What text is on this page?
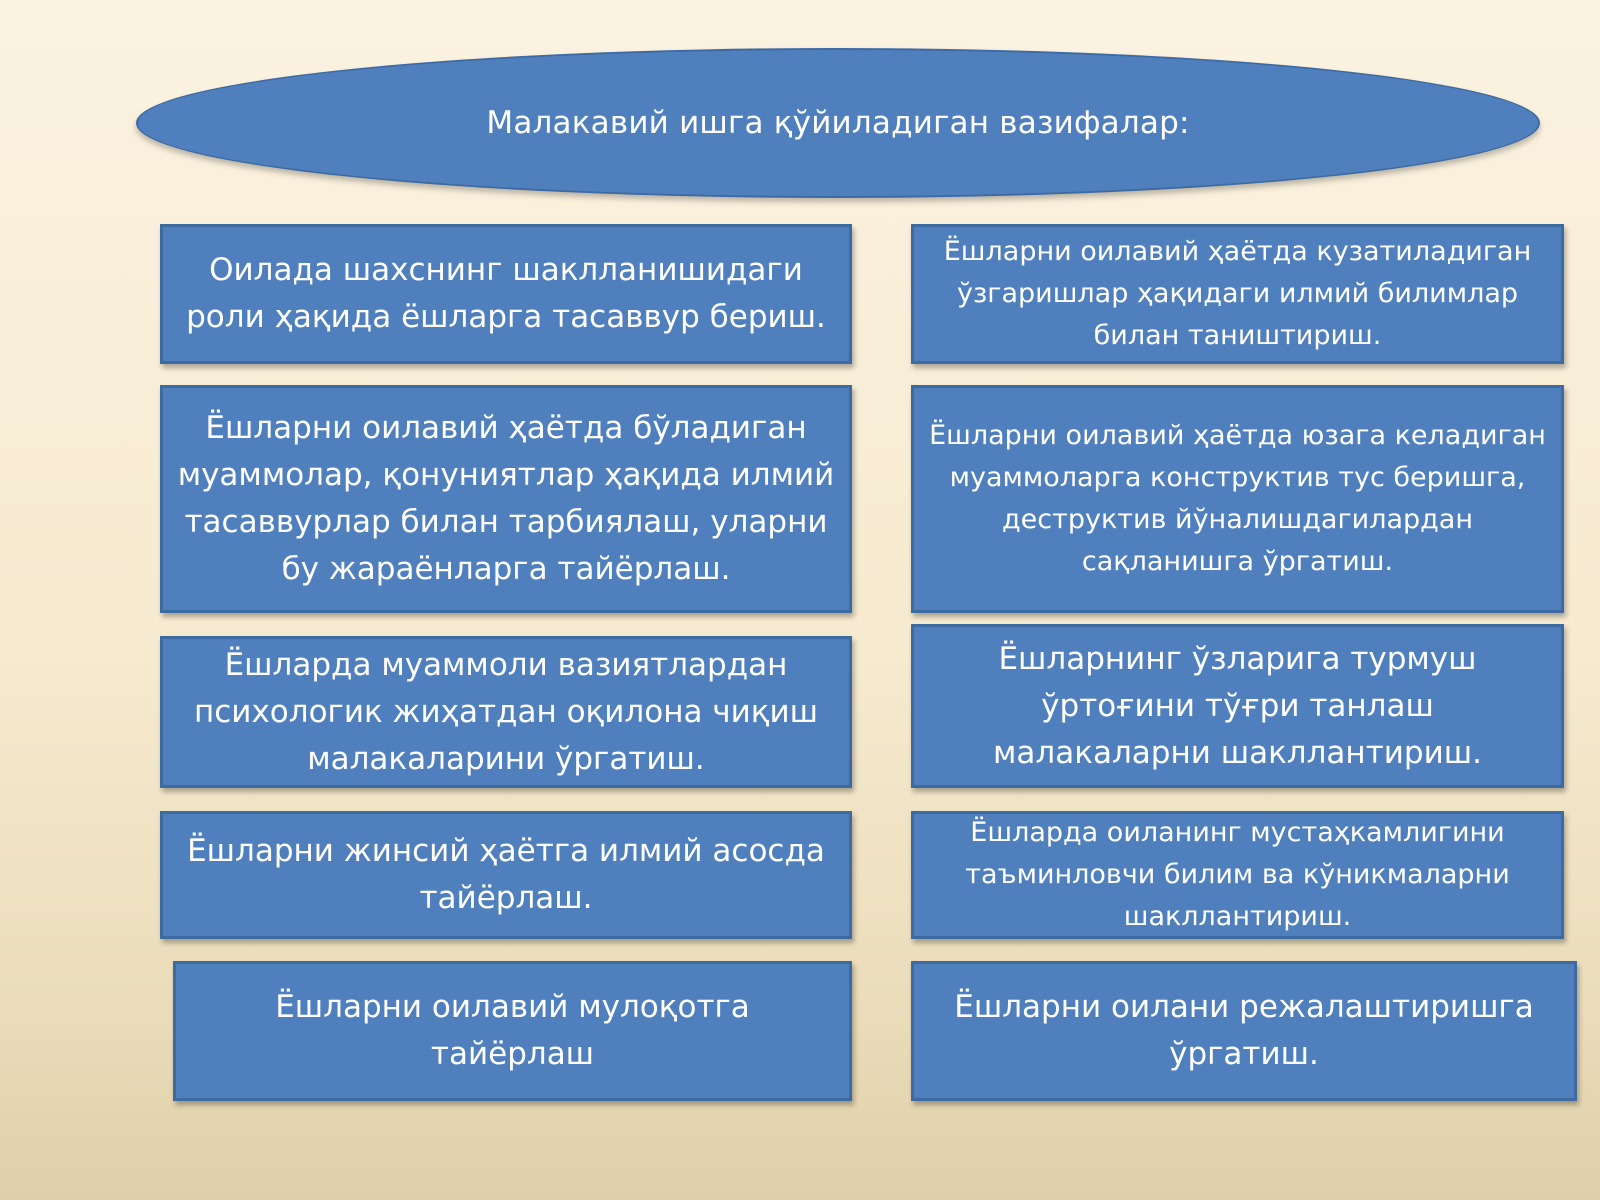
Малакавий ишга қўйиладиган вазифалар:
Оилада шахснинг шаклланишидаги роли ҳақида ёшларга тасаввур бериш.
Ёшларни оилавий ҳаётда бўладиган муаммолар, қонуниятлар ҳақида илмий тасаввурлар билан тарбиялаш, уларни бу жараёнларга тайёрлаш.
Ёшларда муаммоли вазиятлардан психологик жиҳатдан оқилона чиқиш малакаларини ўргатиш.
Ёшларни жинсий ҳаётга илмий асосда тайёрлаш.
Ёшларни оилавий мулоқотга тайёрлаш
Ёшларни оилавий ҳаётда кузатиладиган ўзгаришлар ҳақидаги илмий билимлар билан таништириш.
Ёшларни оилавий ҳаётда юзага келадиган муаммоларга конструктив тус беришга, деструктив йўналишдагилардан сақланишга ўргатиш.
Ёшларнинг ўзларига турмуш ўртоғини тўғри танлаш малакаларни шакллантириш.
Ёшларда оиланинг мустаҳкамлигини таъминловчи билим ва кўникмаларни шакллантириш.
Ёшларни оилани режалаштиришга ўргатиш.
